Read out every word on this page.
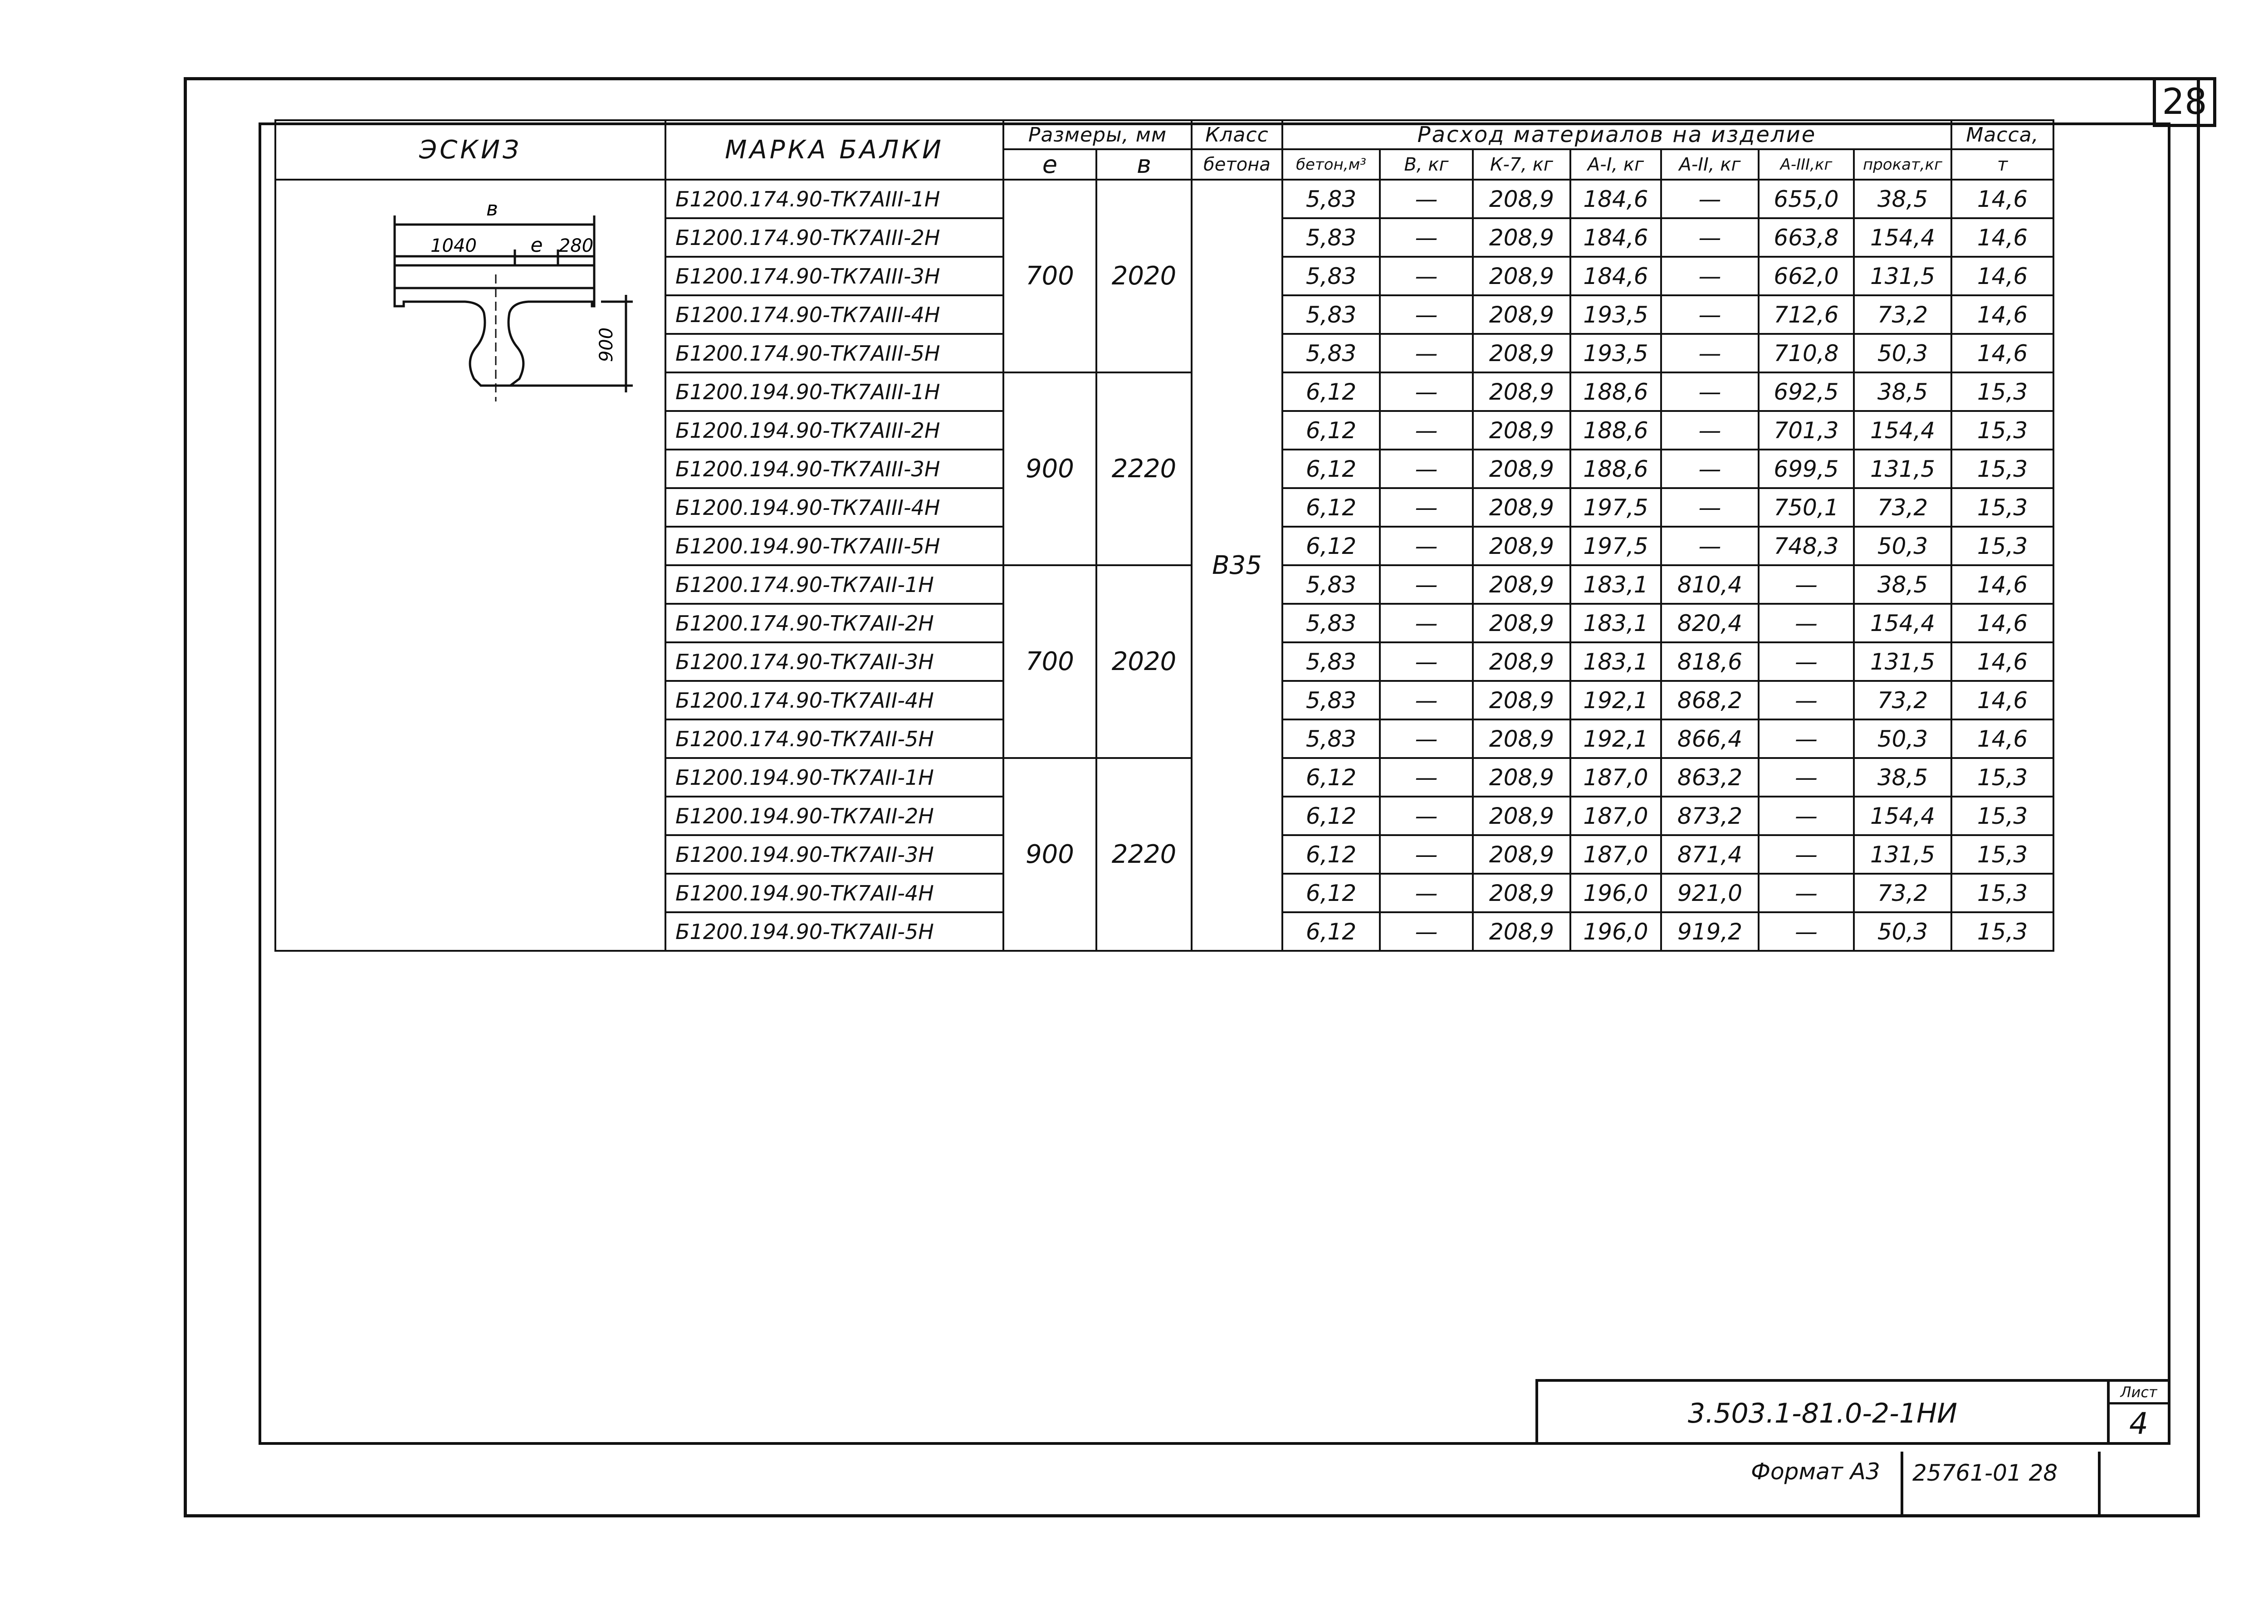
28
ЭСКИЗ	МАРКА БАЛКИ	Размеры, мм		Класс	Расход материалов на изделие							Масса,
		е	в	бетона	бетон,м³	В, кг	К-7, кг	А-I, кг	А-II, кг	А-III,кг	прокат,кг	т
	Б1200.174.90-ТК7АIII-1Н	700	2020	В35	5,83	—	208,9	184,6	—	655,0	38,5	14,6
	Б1200.174.90-ТК7АIII-2Н				5,83	—	208,9	184,6	—	663,8	154,4	14,6
	Б1200.174.90-ТК7АIII-3Н				5,83	—	208,9	184,6	—	662,0	131,5	14,6
	Б1200.174.90-ТК7АIII-4Н				5,83	—	208,9	193,5	—	712,6	73,2	14,6
	Б1200.174.90-ТК7АIII-5Н				5,83	—	208,9	193,5	—	710,8	50,3	14,6
	Б1200.194.90-ТК7АIII-1Н	900	2220		6,12	—	208,9	188,6	—	692,5	38,5	15,3
	Б1200.194.90-ТК7АIII-2Н				6,12	—	208,9	188,6	—	701,3	154,4	15,3
	Б1200.194.90-ТК7АIII-3Н				6,12	—	208,9	188,6	—	699,5	131,5	15,3
	Б1200.194.90-ТК7АIII-4Н				6,12	—	208,9	197,5	—	750,1	73,2	15,3
	Б1200.194.90-ТК7АIII-5Н				6,12	—	208,9	197,5	—	748,3	50,3	15,3
	Б1200.174.90-ТК7АII-1Н	700	2020		5,83	—	208,9	183,1	810,4	—	38,5	14,6
	Б1200.174.90-ТК7АII-2Н				5,83	—	208,9	183,1	820,4	—	154,4	14,6
	Б1200.174.90-ТК7АII-3Н				5,83	—	208,9	183,1	818,6	—	131,5	14,6
	Б1200.174.90-ТК7АII-4Н				5,83	—	208,9	192,1	868,2	—	73,2	14,6
	Б1200.174.90-ТК7АII-5Н				5,83	—	208,9	192,1	866,4	—	50,3	14,6
	Б1200.194.90-ТК7АII-1Н	900	2220		6,12	—	208,9	187,0	863,2	—	38,5	15,3
	Б1200.194.90-ТК7АII-2Н				6,12	—	208,9	187,0	873,2	—	154,4	15,3
	Б1200.194.90-ТК7АII-3Н				6,12	—	208,9	187,0	871,4	—	131,5	15,3
	Б1200.194.90-ТК7АII-4Н				6,12	—	208,9	196,0	921,0	—	73,2	15,3
	Б1200.194.90-ТК7АII-5Н				6,12	—	208,9	196,0	919,2	—	50,3	15,3
в
1040	е 280
900
3.503.1-81.0-2-1НИ
Лист
4
Формат А3	25761-01 28
